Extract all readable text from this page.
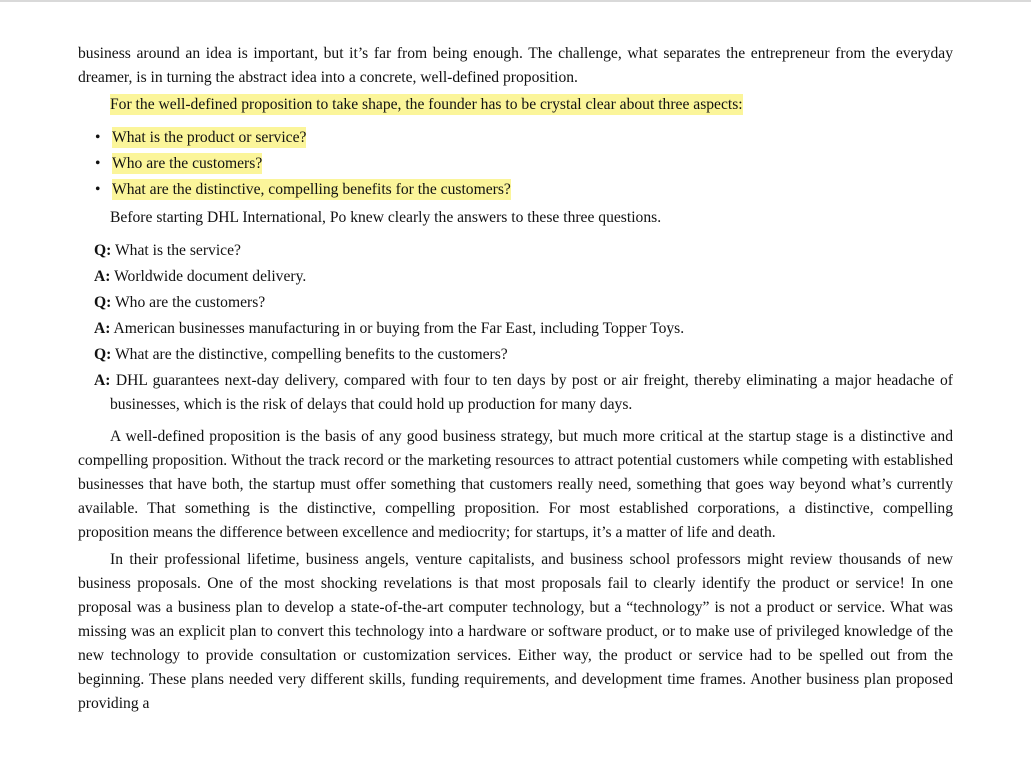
business around an idea is important, but it’s far from being enough. The challenge, what separates the entrepreneur from the everyday dreamer, is in turning the abstract idea into a concrete, well-defined proposition.

For the well-defined proposition to take shape, the founder has to be crystal clear about three aspects:

• What is the product or service?
• Who are the customers?
• What are the distinctive, compelling benefits for the customers?

Before starting DHL International, Po knew clearly the answers to these three questions.

Q: What is the service?
A: Worldwide document delivery.
Q: Who are the customers?
A: American businesses manufacturing in or buying from the Far East, including Topper Toys.
Q: What are the distinctive, compelling benefits to the customers?
A: DHL guarantees next-day delivery, compared with four to ten days by post or air freight, thereby eliminating a major headache of businesses, which is the risk of delays that could hold up production for many days.

A well-defined proposition is the basis of any good business strategy, but much more critical at the startup stage is a distinctive and compelling proposition. Without the track record or the marketing resources to attract potential customers while competing with established businesses that have both, the startup must offer something that customers really need, something that goes way beyond what’s currently available. That something is the distinctive, compelling proposition. For most established corporations, a distinctive, compelling proposition means the difference between excellence and mediocrity; for startups, it’s a matter of life and death.

In their professional lifetime, business angels, venture capitalists, and business school professors might review thousands of new business proposals. One of the most shocking revelations is that most proposals fail to clearly identify the product or service! In one proposal was a business plan to develop a state-of-the-art computer technology, but a “technology” is not a product or service. What was missing was an explicit plan to convert this technology into a hardware or software product, or to make use of privileged knowledge of the new technology to provide consultation or customization services. Either way, the product or service had to be spelled out from the beginning. These plans needed very different skills, funding requirements, and development time frames. Another business plan proposed providing a
